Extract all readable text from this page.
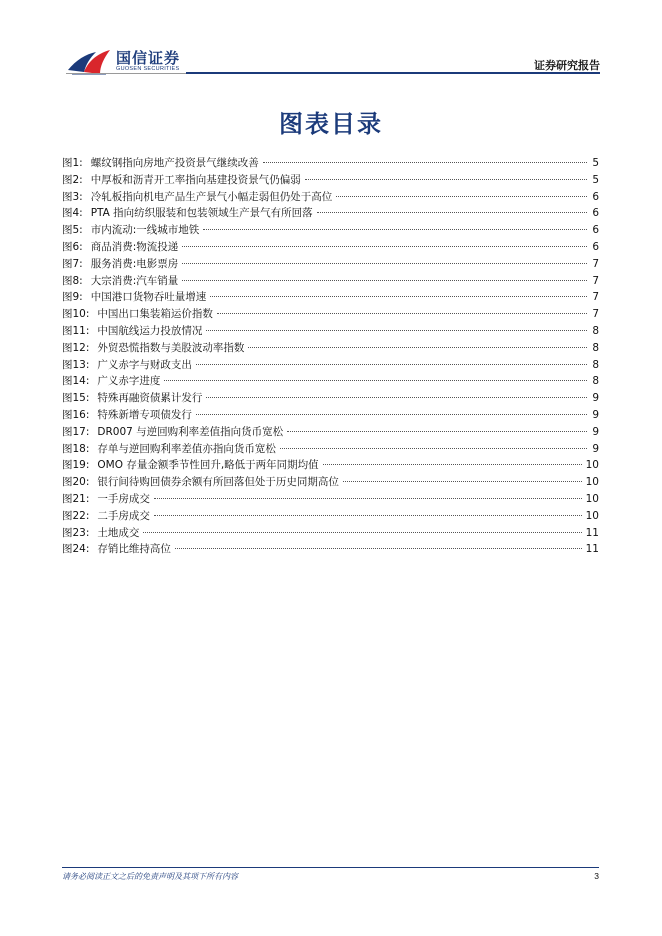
国信证券
GUOSEN SECURITIES	证券研究报告
图表目录
图1: 螺纹钢指向房地产投资景气继续改善	5
图2: 中厚板和沥青开工率指向基建投资景气仍偏弱	5
图3: 冷轧板指向机电产品生产景气小幅走弱但仍处于高位	6
图4: PTA 指向纺织服装和包装领域生产景气有所回落	6
图5: 市内流动:一线城市地铁	6
图6: 商品消费:物流投递	6
图7: 服务消费:电影票房	7
图8: 大宗消费:汽车销量	7
图9: 中国港口货物吞吐量增速	7
图10: 中国出口集装箱运价指数	7
图11: 中国航线运力投放情况	8
图12: 外贸恐慌指数与美股波动率指数	8
图13: 广义赤字与财政支出	8
图14: 广义赤字进度	8
图15: 特殊再融资债累计发行	9
图16: 特殊新增专项债发行	9
图17: DR007 与逆回购利率差值指向货币宽松	9
图18: 存单与逆回购利率差值亦指向货币宽松	9
图19: OMO 存量金额季节性回升,略低于两年同期均值	10
图20: 银行间待购回债券余额有所回落但处于历史同期高位	10
图21: 一手房成交	10
图22: 二手房成交	10
图23: 土地成交	11
图24: 存销比维持高位	11
请务必阅读正文之后的免责声明及其项下所有内容	3
